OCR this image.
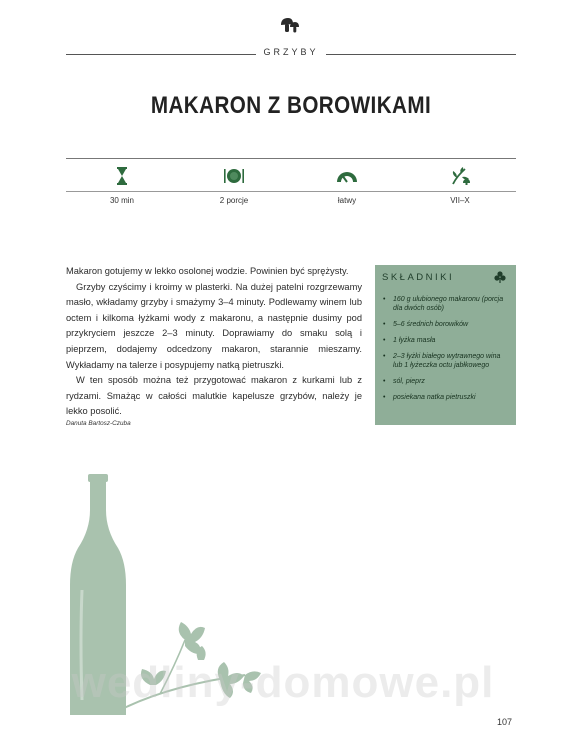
GRZYBY
MAKARON Z BOROWIKAMI
30 min	2 porcje	łatwy	VII–X

Makaron gotujemy w lekko osolonej wodzie. Powinien być sprężysty.

Grzyby czyścimy i kroimy w plasterki. Na dużej patelni rozgrzewamy masło, wkładamy grzyby i smażymy 3–4 minuty. Podlewamy winem lub octem i kilkoma łyżkami wody z makaronu, a następnie dusimy pod przykryciem jeszcze 2–3 minuty. Doprawiamy do smaku solą i pieprzem, dodajemy odcedzony makaron, starannie mieszamy. Wykładamy na talerze i posypujemy natką pietruszki.

W ten sposób można też przygotować makaron z kurkami lub z rydzami. Smażąc w całości malutkie kapelusze grzybów, należy je lekko posolić.

Danuta Bartosz-Czuba
SKŁADNIKI
• 160 g ulubionego makaronu (porcja dla dwóch osób)
• 5–6 średnich borowików
• 1 łyżka masła
• 2–3 łyżki białego wytrawnego wina lub 1 łyżeczka octu jabłkowego
• sól, pieprz
• posiekana natka pietruszki
wedliny-domowe.pl
107
